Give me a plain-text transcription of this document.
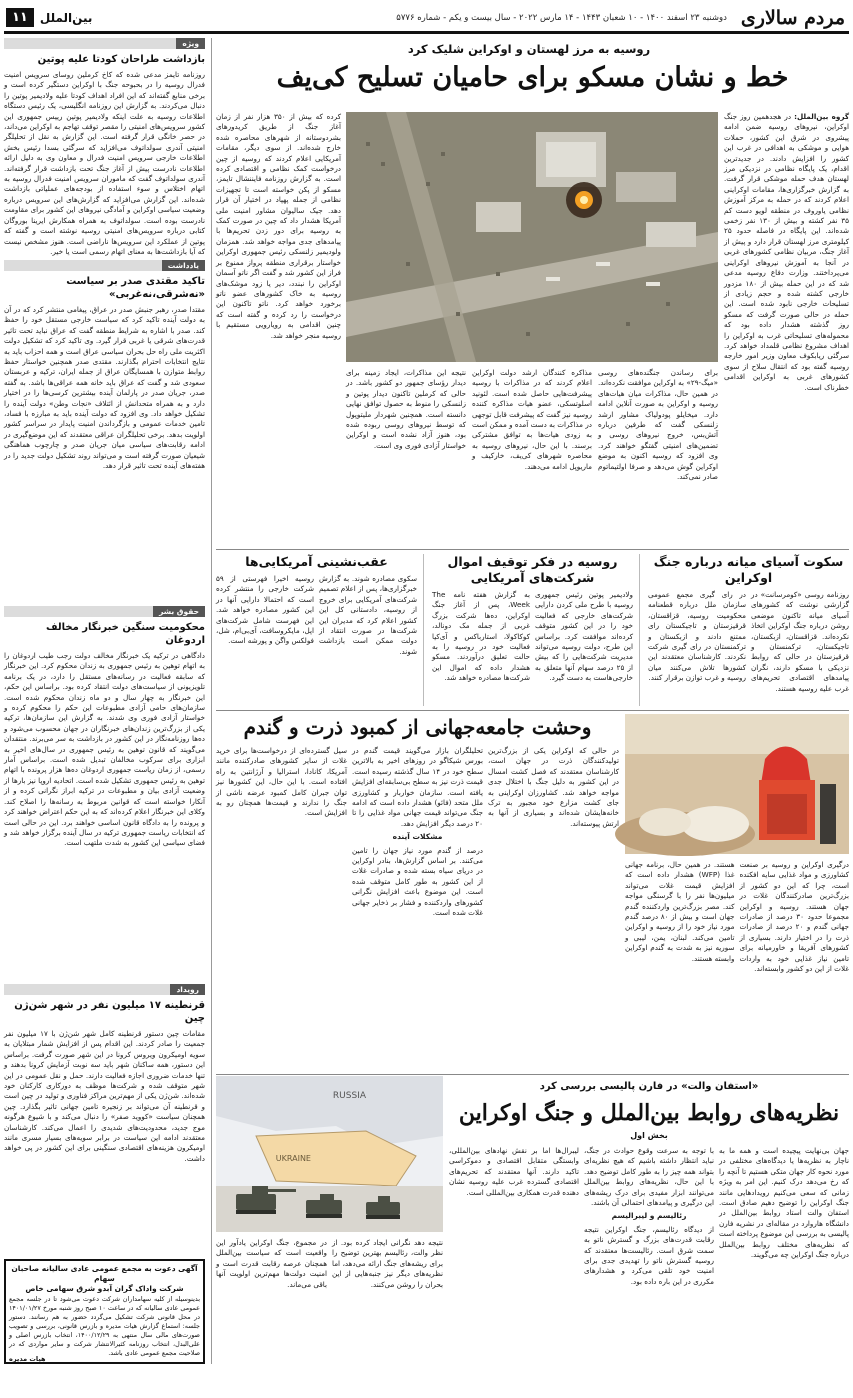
مردم سالاری
دوشنبه ۲۳ اسفند ۱۴۰۰ - ۱۰ شعبان ۱۴۴۳ - ۱۴ مارس ۲۰۲۲ - سال بیست و یکم - شماره ۵۷۷۶
بین‌الملل
۱۱
روسیه به مرز لهستان و اوکراین شلیک کرد
خط و نشان مسکو برای حامیان تسلیح کی‌یف
گروه بین‌الملل: در هجدهمین روز جنگ اوکراین، نیروهای روسیه ضمن ادامه پیشروی در شرق این کشور، حملات هوایی و موشکی به اهدافی در غرب این کشور را افزایش دادند. در جدیدترین اقدام، یک پایگاه نظامی در نزدیکی مرز لهستان هدف حمله موشکی قرار گرفت. به گزارش خبرگزاری‌ها، مقامات اوکراینی اعلام کردند که در حمله به مرکز آموزش نظامی یاوروف در منطقه لویو دست کم ۳۵ نفر کشته و بیش از ۱۳۰ نفر زخمی شده‌اند. این پایگاه در فاصله حدود ۲۵ کیلومتری مرز لهستان قرار دارد و پیش از آغاز جنگ، مربیان نظامی کشورهای غربی در آنجا به آموزش نیروهای اوکراینی می‌پرداختند. وزارت دفاع روسیه مدعی شد که در این حمله بیش از ۱۸۰ مزدور خارجی کشته شده و حجم زیادی از تسلیحات خارجی نابود شده است. این حمله در حالی صورت گرفت که مسکو روز گذشته هشدار داده بود که محموله‌های تسلیحاتی غرب به اوکراین را اهداف مشروع نظامی قلمداد خواهد کرد. سرگئی ریابکوف معاون وزیر امور خارجه روسیه گفته بود که انتقال سلاح از سوی کشورهای غربی به اوکراین اقدامی خطرناک است.
برای رساندن جنگنده‌های روسی «میگ-۲۹» به اوکراین موافقت نکرده‌اند. در همین حال، مذاکرات میان هیات‌های روسیه و اوکراین به صورت آنلاین ادامه دارد. میخایلو پودولیاک مشاور ارشد زلنسکی گفت که طرفین درباره آتش‌بس، خروج نیروهای روسی و تضمین‌های امنیتی گفتگو خواهند کرد. وی افزود که روسیه اکنون به موضع اوکراین گوش می‌دهد و صرفا اولتیماتوم صادر نمی‌کند.
مذاکره کنندگان ارشد دولت اوکراین اعلام کردند که در مذاکرات با روسیه پیشرفت‌هایی حاصل شده است. لئونید اسلوتسکی، عضو هیات مذاکره کننده روسیه نیز گفت که پیشرفت قابل توجهی در مذاکرات به دست آمده و ممکن است به زودی هیات‌ها به توافق مشترکی برسند. با این حال، نیروهای روسیه به محاصره شهرهای کی‌یف، خارکیف و ماریوپل ادامه می‌دهند.
نتیجه این مذاکرات، ایجاد زمینه برای دیدار رؤسای جمهور دو کشور باشد. در حالی که کرملین تاکنون دیدار پوتین و زلنسکی را منوط به حصول توافق نهایی دانسته است. همچنین شهردار ملیتوپول که توسط نیروهای روسی ربوده شده بود، هنوز آزاد نشده است و اوکراین خواستار آزادی فوری وی است.
کرده که بیش از ۳۵۰ هزار نفر از زمان آغاز جنگ از طریق کریدورهای بشردوستانه از شهرهای محاصره شده خارج شده‌اند. از سوی دیگر، مقامات آمریکایی اعلام کردند که روسیه از چین درخواست کمک نظامی و اقتصادی کرده است. به گزارش روزنامه فایننشال تایمز، مسکو از پکن خواسته است تا تجهیزات نظامی از جمله پهپاد در اختیار آن قرار دهد. جیک سالیوان مشاور امنیت ملی آمریکا هشدار داد که چین در صورت کمک به روسیه برای دور زدن تحریم‌ها با پیامدهای جدی مواجه خواهد شد. همزمان ولودیمیر زلنسکی رئیس جمهوری اوکراین خواستار برقراری منطقه پرواز ممنوع بر فراز این کشور شد و گفت اگر ناتو آسمان اوکراین را نبندد، دیر یا زود موشک‌های روسیه به خاک کشورهای عضو ناتو برخورد خواهد کرد. ناتو تاکنون این درخواست را رد کرده و گفته است که چنین اقدامی به رویارویی مستقیم با روسیه منجر خواهد شد.
سکوت آسیای میانه درباره جنگ اوکراین
روزنامه روسی «کومرسانت» در گزارشی نوشت که کشورهای آسیای میانه تاکنون موضعی روشن درباره جنگ اوکراین اتخاذ نکرده‌اند. قزاقستان، ازبکستان، تاجیکستان، ترکمنستان و قرقیزستان در حالی که روابط نزدیکی با مسکو دارند، نگران پیامدهای اقتصادی تحریم‌های غرب علیه روسیه هستند.
در رای گیری مجمع عمومی سازمان ملل درباره قطعنامه محکومیت روسیه، قزاقستان، قرقیزستان و تاجیکستان رای ممتنع دادند و ازبکستان و ترکمنستان در رای گیری شرکت نکردند. کارشناسان معتقدند این کشورها تلاش می‌کنند میان روسیه و غرب توازن برقرار کنند.
روسیه در فکر توقیف اموال شرکت‌های آمریکایی
ولادیمیر پوتین رئیس جمهوری روسیه با طرح ملی کردن دارایی شرکت‌های خارجی که فعالیت خود را در این کشور متوقف کرده‌اند موافقت کرد. براساس این طرح، دولت روسیه می‌تواند مدیریت شرکت‌هایی را که بیش از ۲۵ درصد سهام آنها متعلق به خارجی‌هاست به دست گیرد.
به گزارش هفته نامه The Week، پس از آغاز جنگ اوکراین، ده‌ها شرکت بزرگ غربی از جمله مک دونالد، کوکاکولا، استارباکس و آی‌کیا فعالیت خود در روسیه را به حالت تعلیق درآوردند. مسکو هشدار داده که اموال این شرکت‌ها مصادره خواهد شد.
عقب‌نشینی آمریکایی‌ها
سکوی مصادره شوند. به گزارش خبرگزاری‌ها، پس از اعلام تصمیم شرکت‌های آمریکایی برای خروج از روسیه، دادستانی کل این کشور اعلام کرد که مدیران این شرکت‌ها در صورت انتقاد از دولت ممکن است بازداشت شوند.
روسیه اخیرا فهرستی از ۵۹ شرکت خارجی را منتشر کرده است که احتمالا دارایی آنها در این کشور مصادره خواهد شد. این فهرست شامل شرکت‌های اپل، مایکروسافت، آی‌بی‌ام، شل، فولکس واگن و پورشه است.
وحشت جامعه‌جهانی از کمبود ذرت و گندم
در حالی که اوکراین یکی از بزرگ‌ترین تولیدکنندگان ذرت در جهان است، کارشناسان معتقدند که فصل کشت امسال در این کشور به دلیل جنگ با اختلال جدی مواجه خواهد شد. کشاورزان اوکراینی به جای کشت مزارع خود مجبور به ترک خانه‌هایشان شده‌اند و بسیاری از آنها به ارتش پیوسته‌اند.
تحلیلگران بازار می‌گویند قیمت گندم در بورس شیکاگو در روزهای اخیر به بالاترین سطح خود در ۱۴ سال گذشته رسیده است. قیمت ذرت نیز به سطح بی‌سابقه‌ای افزایش یافته است. سازمان خواربار و کشاورزی ملل متحد (فائو) هشدار داده است که ادامه جنگ می‌تواند قیمت جهانی مواد غذایی را تا ۲۰ درصد دیگر افزایش دهد.
مشکلات آینده
درصد از گندم مورد نیاز جهان را تامین می‌کنند. بر اساس گزارش‌ها، بنادر اوکراین در دریای سیاه بسته شده و صادرات غلات از این کشور به طور کامل متوقف شده است. این موضوع باعث افزایش نگرانی کشورهای واردکننده و فشار بر ذخایر جهانی غلات شده است.
سیل گسترده‌ای از درخواست‌ها برای خرید غلات از سایر کشورهای صادرکننده مانند آمریکا، کانادا، استرالیا و آرژانتین به راه افتاده است. با این حال، این کشورها نیز توان جبران کامل کمبود عرضه ناشی از جنگ را ندارند و قیمت‌ها همچنان رو به افزایش است.
درگیری اوکراین و روسیه بر صنعت کشاورزی و مواد غذایی سایه افکنده است، چرا که این دو کشور از بزرگ‌ترین صادرکنندگان غلات در جهان هستند. روسیه و اوکراین مجموعا حدود ۳۰ درصد از صادرات جهانی گندم و ۲۰ درصد از صادرات ذرت را در اختیار دارند. بسیاری از کشورهای آفریقا و خاورمیانه برای تامین نیاز غذایی خود به واردات غلات از این دو کشور وابسته‌اند.
هستند. در همین حال، برنامه جهانی غذا (WFP) هشدار داده است که افزایش قیمت غلات می‌تواند میلیون‌ها نفر را با گرسنگی مواجه کند. مصر بزرگ‌ترین واردکننده گندم جهان است و بیش از ۸۰ درصد گندم مورد نیاز خود را از روسیه و اوکراین تامین می‌کند. لبنان، یمن، لیبی و سوریه نیز به شدت به گندم اوکراین وابسته هستند.
«استفان والت» در فارن پالیسی بررسی کرد
نظریه‌های روابط بین‌الملل و جنگ اوکراین
بخش اول
RUSSIA
UKRAINE
جهان بی‌نهایت پیچیده است و همه ما به ناچار به نظریه‌ها یا دیدگاه‌های مختلفی در مورد نحوه کار جهان متکی هستیم تا آنچه را که رخ می‌دهد درک کنیم. این امر به ویژه زمانی که سعی می‌کنیم رویدادهایی مانند جنگ اوکراین را توضیح دهیم صادق است. استفان والت استاد روابط بین‌الملل در دانشگاه هاروارد در مقاله‌ای در نشریه فارن پالیسی به بررسی این موضوع پرداخته است که نظریه‌های مختلف روابط بین‌الملل درباره جنگ اوکراین چه می‌گویند.
با توجه به سرعت وقوع حوادث در جنگ، نباید انتظار داشته باشیم که هیچ نظریه‌ای بتواند همه چیز را به طور کامل توضیح دهد. با این حال، نظریه‌های روابط بین‌الملل می‌توانند ابزار مفیدی برای درک ریشه‌های این درگیری و پیامدهای احتمالی آن باشند.
رئالیسم و لیبرالیسم
از دیدگاه رئالیسم، جنگ اوکراین نتیجه رقابت قدرت‌های بزرگ و گسترش ناتو به سمت شرق است. رئالیست‌ها معتقدند که روسیه گسترش ناتو را تهدیدی جدی برای امنیت خود تلقی می‌کرد و هشدارهای مکرری در این باره داده بود.
لیبرال‌ها اما بر نقش نهادهای بین‌المللی، وابستگی متقابل اقتصادی و دموکراسی تاکید دارند. آنها معتقدند که تحریم‌های اقتصادی گسترده غرب علیه روسیه نشان دهنده قدرت همکاری بین‌المللی است.
نتیجه دهد نگرانی ایجاد کرده بود. از نظر والت، رئالیسم بهترین توضیح را برای ریشه‌های جنگ ارائه می‌دهد، اما نظریه‌های دیگر نیز جنبه‌هایی از این بحران را روشن می‌کنند.
در مجموع، جنگ اوکراین یادآور این واقعیت است که سیاست بین‌الملل همچنان عرصه رقابت قدرت است و امنیت دولت‌ها مهم‌ترین اولویت آنها باقی می‌ماند.
ویژه
بازداشت طراحان کودتا علیه پوتین
روزنامه تایمز مدعی شده که کاخ کرملین روسای سرویس امنیت فدرال روسیه را در بحبوحه جنگ با اوکراین دستگیر کرده است و برخی منابع گفته‌اند که این افراد اهداف کودتا علیه ولادیمیر پوتین را دنبال می‌کردند. به گزارش این روزنامه انگلیسی، یک رئیس دستگاه اطلاعات روسیه به علت اینکه ولادیمیر پوتین رییس جمهوری این کشور سرویس‌های امنیتی را مقصر توقف تهاجم به اوکراین می‌داند، در حصر خانگی قرار گرفته است. این گزارش به نقل از تحلیلگر امنیتی آندری سولداتوف می‌افزاید که سرگئی بسدا رئیس بخش اطلاعات خارجی سرویس امنیت فدرال و معاون وی به دلیل ارائه اطلاعات نادرست پیش از آغاز جنگ تحت بازداشت قرار گرفته‌اند. آندری سولداتوف گفت که ماموران سرویس امنیت فدرال روسیه به اتهام اختلاس و سوء استفاده از بودجه‌های عملیاتی بازداشت شده‌اند. این گزارش می‌افزاید که گزارش‌های این سرویس درباره وضعیت سیاسی اوکراین و آمادگی نیروهای این کشور برای مقاومت نادرست بوده است. سولداتوف به همراه همکارش ایرینا بوروگان کتابی درباره سرویس‌های امنیتی روسیه نوشته است و گفته که پوتین از عملکرد این سرویس‌ها ناراضی است. هنوز مشخص نیست که آیا بازداشت‌ها به معنای اتهام رسمی است یا خیر.
یادداشت
تاکید مقتدی صدر بر سیاست «نه‌شرقی،نه‌غربی»
مقتدا صدر، رهبر جنبش صدر در عراق، پیغامی منتشر کرد که در آن به دولت آینده تاکید کرد که سیاست خارجی مستقل خود را حفظ کند. صدر با اشاره به شرایط منطقه گفت که عراق نباید تحت تاثیر قدرت‌های شرقی یا غربی قرار گیرد. وی تاکید کرد که تشکیل دولت اکثریت ملی راه حل بحران سیاسی عراق است و همه احزاب باید به نتایج انتخابات احترام بگذارند. مقتدی صدر همچنین خواستار حفظ روابط متوازن با همسایگان عراق از جمله ایران، ترکیه و عربستان سعودی شد و گفت که عراق باید خانه همه عراقی‌ها باشد. به گفته صدر، جریان صدر در پارلمان آینده بیشترین کرسی‌ها را در اختیار دارد و به همراه متحدانش از ائتلاف «نجات وطن» دولت آینده را تشکیل خواهد داد. وی افزود که دولت آینده باید به مبارزه با فساد، تامین خدمات عمومی و بازگرداندن امنیت پایدار در سراسر کشور اولویت بدهد. برخی تحلیلگران عراقی معتقدند که این موضع‌گیری در ادامه رقابت‌های سیاسی میان جریان صدر و چارچوب هماهنگی شیعیان صورت گرفته است و می‌تواند روند تشکیل دولت جدید را در هفته‌های آینده تحت تاثیر قرار دهد.
حقوق بشر
محکومیت سنگین خبرنگار مخالف اردوغان
دادگاهی در ترکیه یک خبرنگار مخالف دولت رجب طیب اردوغان را به اتهام توهین به رئیس جمهوری به زندان محکوم کرد. این خبرنگار که سابقه فعالیت در رسانه‌های مستقل را دارد، در یک برنامه تلویزیونی از سیاست‌های دولت انتقاد کرده بود. براساس این حکم، این خبرنگار به چهار سال و دو ماه زندان محکوم شده است. سازمان‌های حامی آزادی مطبوعات این حکم را محکوم کرده و خواستار آزادی فوری وی شدند. به گزارش این سازمان‌ها، ترکیه یکی از بزرگ‌ترین زندان‌های خبرنگاران در جهان محسوب می‌شود و ده‌ها روزنامه‌نگار در این کشور در بازداشت به سر می‌برند. منتقدان می‌گویند که قانون توهین به رئیس جمهوری در سال‌های اخیر به ابزاری برای سرکوب مخالفان تبدیل شده است. براساس آمار رسمی، از زمان ریاست جمهوری اردوغان ده‌ها هزار پرونده با اتهام توهین به رئیس جمهوری تشکیل شده است. اتحادیه اروپا نیز بارها از وضعیت آزادی بیان و مطبوعات در ترکیه ابراز نگرانی کرده و از آنکارا خواسته است که قوانین مربوط به رسانه‌ها را اصلاح کند. وکلای این خبرنگار اعلام کرده‌اند که به این حکم اعتراض خواهند کرد و پرونده را به دادگاه قانون اساسی خواهند برد. این در حالی است که انتخابات ریاست جمهوری ترکیه در سال آینده برگزار خواهد شد و فضای سیاسی این کشور به شدت ملتهب است.
رویداد
قرنطینه ۱۷ میلیون نفر در شهر شن‌ژن چین
مقامات چین دستور قرنطینه کامل شهر شن‌ژن با ۱۷ میلیون نفر جمعیت را صادر کردند. این اقدام پس از افزایش شمار مبتلایان به سویه اومیکرون ویروس کرونا در این شهر صورت گرفت. براساس این دستور، همه ساکنان شهر باید سه نوبت آزمایش کرونا بدهند و تنها خدمات ضروری اجازه فعالیت دارند. حمل و نقل عمومی در این شهر متوقف شده و شرکت‌ها موظف به دورکاری کارکنان خود شده‌اند. شن‌ژن یکی از مهم‌ترین مراکز فناوری و تولید در چین است و قرنطینه آن می‌تواند بر زنجیره تامین جهانی تاثیر بگذارد. چین همچنان سیاست «کووید صفر» را دنبال می‌کند و با شیوع هرگونه موج جدید، محدودیت‌های شدیدی را اعمال می‌کند. کارشناسان معتقدند ادامه این سیاست در برابر سویه‌های بسیار مسری مانند اومیکرون هزینه‌های اقتصادی سنگینی برای این کشور در پی خواهد داشت.
آگهی دعوت به مجمع عمومی عادی سالیانه صاحبان سهام
شرکت واداک گران آبدو شرق سهامی خاص
بدینوسیله از کلیه سهامداران شرکت دعوت می‌شود تا در جلسه مجمع عمومی عادی سالیانه که در ساعت ۱۰ صبح روز شنبه مورخ ۱۴۰۱/۰۱/۲۷ در محل قانونی شرکت تشکیل می‌گردد حضور به هم رسانند. دستور جلسه: استماع گزارش هیات مدیره و بازرس قانونی، بررسی و تصویب صورت‌های مالی سال منتهی به ۱۴۰۰/۱۲/۲۹، انتخاب بازرس اصلی و علی‌البدل، انتخاب روزنامه کثیرالانتشار شرکت و سایر مواردی که در صلاحیت مجمع عمومی عادی باشد.
هیات مدیره
